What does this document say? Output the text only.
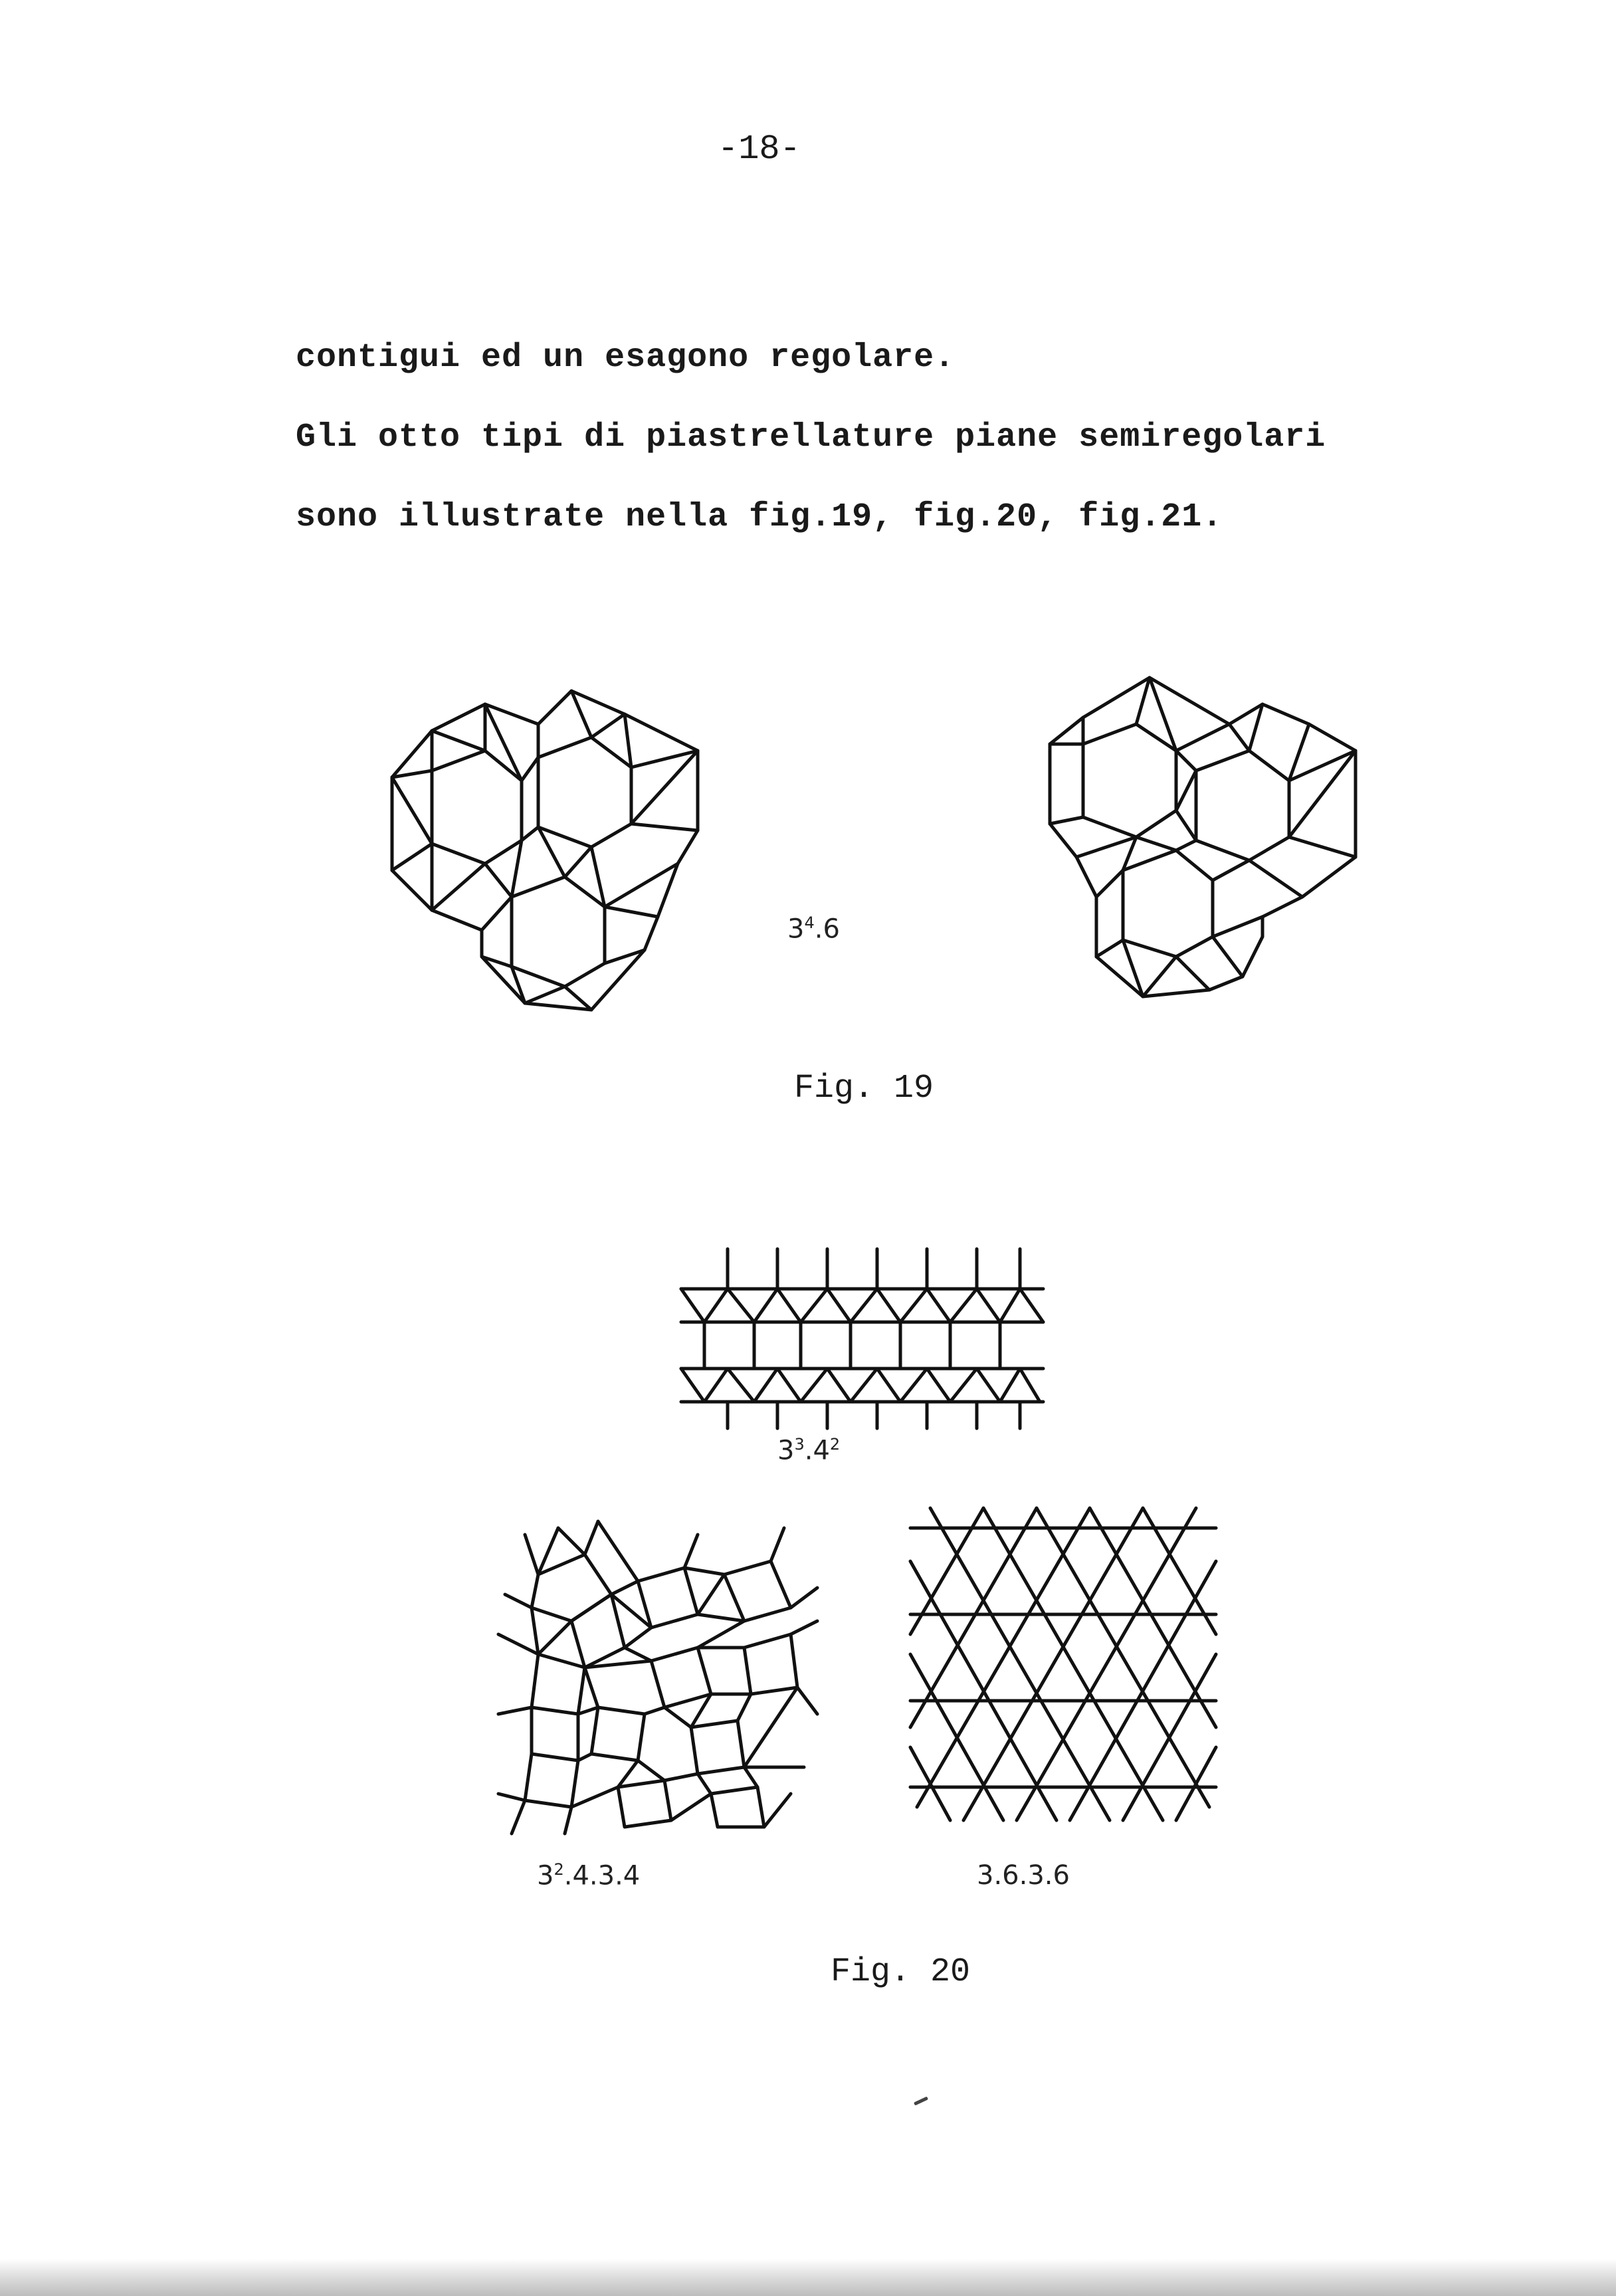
-18-
contigui ed un esagono regolare.
Gli otto tipi di piastrellature piane semiregolari
sono illustrate nella fig.19, fig.20, fig.21.
$3^4.6$
Fig. 19
$3^3.4^2$
$3^2.4.3.4$	3.6.3.6
Fig. 20
